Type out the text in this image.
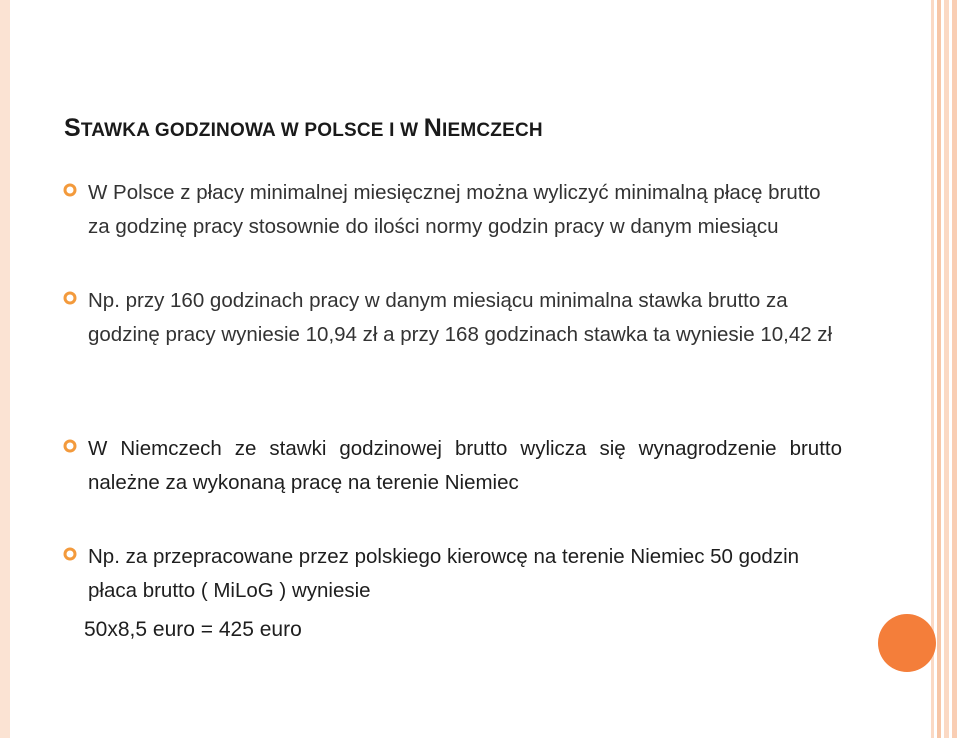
STAWKA GODZINOWA W POLSCE I W NIEMCZECH
W Polsce z płacy minimalnej miesięcznej można wyliczyć minimalną płacę brutto za godzinę pracy stosownie do ilości normy godzin pracy w danym miesiącu
Np. przy 160 godzinach pracy w danym miesiącu minimalna stawka brutto za godzinę pracy wyniesie 10,94 zł a przy 168 godzinach stawka ta wyniesie 10,42 zł
W Niemczech ze stawki godzinowej brutto wylicza się wynagrodzenie brutto należne za wykonaną pracę na terenie Niemiec
Np. za przepracowane przez polskiego kierowcę na terenie Niemiec 50 godzin płaca brutto ( MiLoG ) wyniesie
50x8,5 euro = 425 euro
